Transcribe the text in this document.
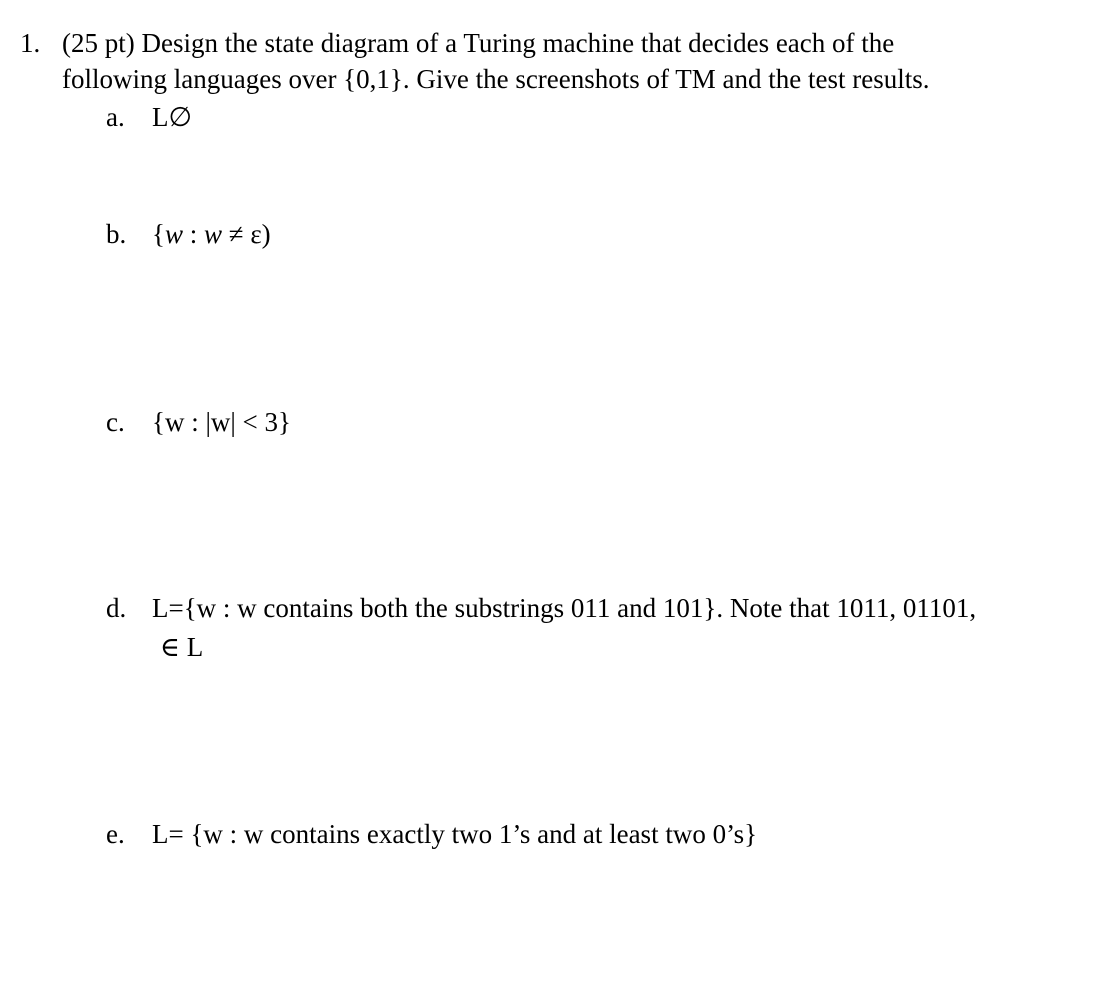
1. (25 pt) Design the state diagram of a Turing machine that decides each of the
following languages over {0,1}. Give the screenshots of TM and the test results.
a. L∅
b. {w : w ≠ ε)
c. {w : |w| < 3}
d. L={w : w contains both the substrings 011 and 101}. Note that 1011, 01101,
∈ L
e. L= {w : w contains exactly two 1’s and at least two 0’s}
